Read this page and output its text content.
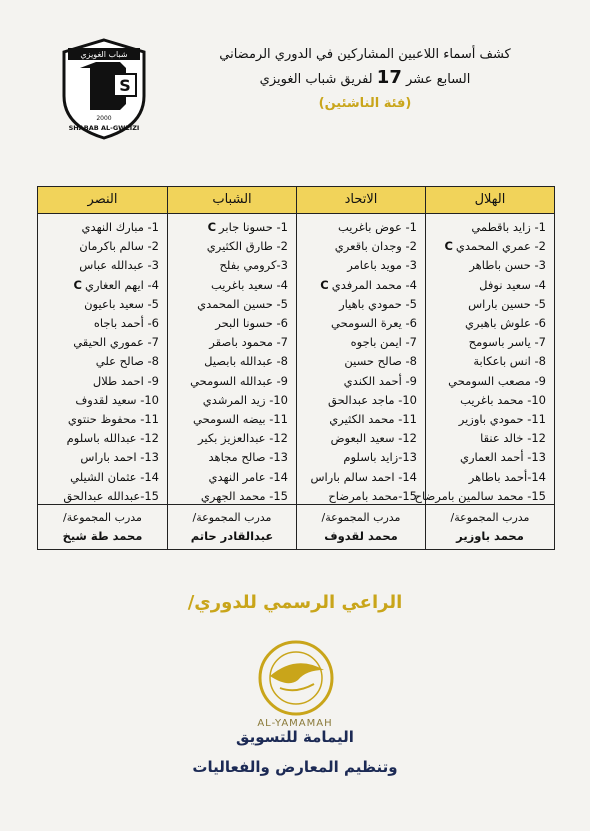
شباب الغويزي
S
2000
SHABAB AL-GWEIZI
كشف أسماء اللاعبين المشاركين في الدوري الرمضاني
السابع عشر 17 لفريق شباب الغويزي
(فئة الناشئين)
الهلال
الاتحاد
الشباب
النصر
1- زايد باقطمي
2- عمري المحمديC
3- حسن باطاهر
4- سعيد نوفل
5- حسين باراس
6- علوش باهبري
7- ياسر باسومح
8- انس باعكابة
9- مصعب السومحي
10- محمد باغريب
11- حمودي باوزير
12- خالد عنقا
13- أحمد العماري
14-أحمد باطاهر
15- محمد سالمين بامرضاح
1- عوض باغريب
2- وجدان باقعري
3- مويد باعامر
4- محمد المرفديC
5- حمودي باهيار
6- يعرة السومحي
7- ايمن باجوه
8- صالح حسين
9- أحمد الكندي
10- ماجد عبدالحق
11- محمد الكثيري
12- سعيد البعوض
13-زايد باسلوم
14- احمد سالم باراس
15-محمد بامرضاح
1- حسونا جابرC
2- طارق الكثيري
3-كرومي بفلح
4- سعيد باغريب
5- حسين المحمدي
6- حسونا البحر
7- محمود باصقر
8- عبدالله بابصيل
9- عبدالله السومحي
10- زيد المرشدي
11- بيضه السومحي
12- عبدالعزيز بكير
13- صالح مجاهد
14- عامر النهدي
15- محمد الجهري
1- مبارك النهدي
2- سالم باكرمان
3- عبدالله عباس
4- ايهم العغاريC
5- سعيد باعيون
6- أحمد باجاه
7- عموري الحيقي
8- صالح علي
9- احمد طلال
10- سعيد لقدوف
11- محفوظ حنتوي
12- عبدالله باسلوم
13- احمد باراس
14- عثمان الشيلي
15-عبدالله عبدالحق
مدرب المجموعة/
محمد باوزير
مدرب المجموعة/
محمد لقدوف
مدرب المجموعة/
عبدالقادر حاتم
مدرب المجموعة/
محمد طة شيخ
الراعي الرسمي للدوري/
AL-YAMAMAH
اليمامة للتسويق
وتنظيم المعارض والفعاليات
